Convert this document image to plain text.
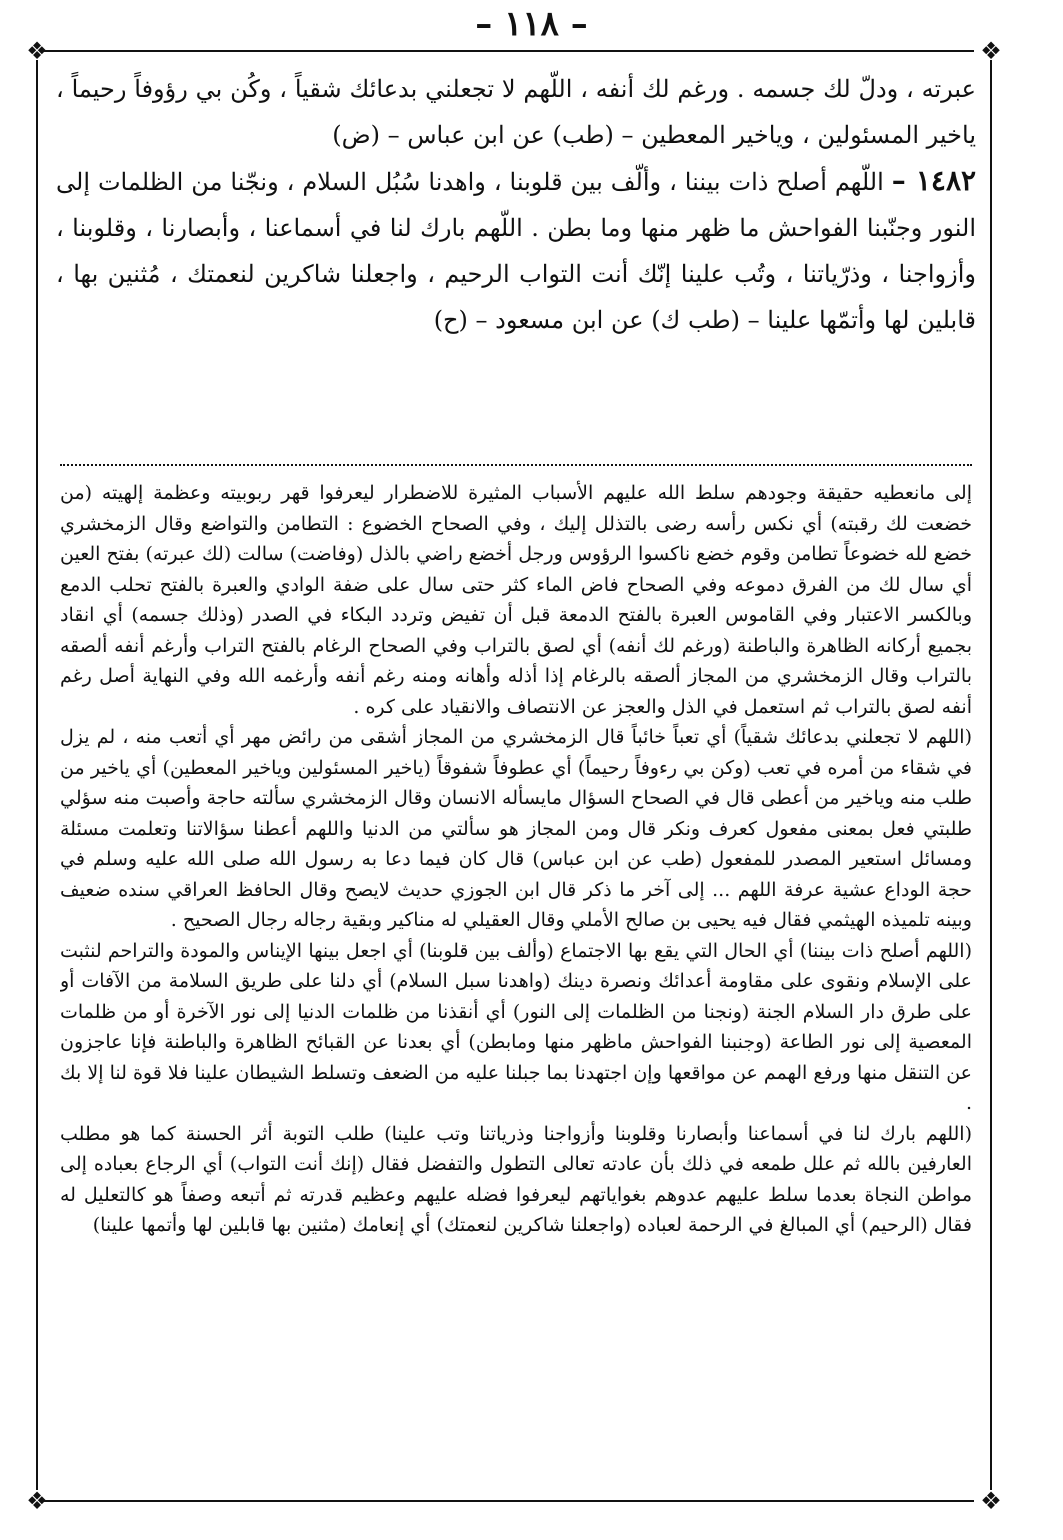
– ١١٨ –
❖	❖
❖	❖

عبرته ، ودلّ لك جسمه . ورغم لك أنفه ، اللّهم لا تجعلني بدعائك شقياً ، وكُن بي رؤوفاً رحيماً ، ياخير المسئولين ، وياخير المعطين – (طب) عن ابن عباس – (ض)

١٤٨٢ – اللّهم أصلح ذات بيننا ، وألّف بين قلوبنا ، واهدنا سُبُل السلام ، ونجّنا من الظلمات إلى النور وجنّبنا الفواحش ما ظهر منها وما بطن . اللّهم بارك لنا في أسماعنا ، وأبصارنا ، وقلوبنا ، وأزواجنا ، وذرّياتنا ، وتُب علينا إنّك أنت التواب الرحيم ، واجعلنا شاكرين لنعمتك ، مُثنين بها ، قابلين لها وأتمّها علينا – (طب ك) عن ابن مسعود – (ح)

إلى مانعطيه حقيقة وجودهم سلط الله عليهم الأسباب المثيرة للاضطرار ليعرفوا قهر ربوبيته وعظمة إلهيته (من خضعت لك رقبته) أي نكس رأسه رضى بالتذلل إليك ، وفي الصحاح الخضوع : التطامن والتواضع وقال الزمخشري خضع لله خضوعاً تطامن وقوم خضع ناكسوا الرؤوس ورجل أخضع راضي بالذل (وفاضت) سالت (لك عبرته) بفتح العين أي سال لك من الفرق دموعه وفي الصحاح فاض الماء كثر حتى سال على ضفة الوادي والعبرة بالفتح تحلب الدمع وبالكسر الاعتبار وفي القاموس العبرة بالفتح الدمعة قبل أن تفيض وتردد البكاء في الصدر (وذلك جسمه) أي انقاد بجميع أركانه الظاهرة والباطنة (ورغم لك أنفه) أي لصق بالتراب وفي الصحاح الرغام بالفتح التراب وأرغم أنفه ألصقه بالتراب وقال الزمخشري من المجاز ألصقه بالرغام إذا أذله وأهانه ومنه رغم أنفه وأرغمه الله وفي النهاية أصل رغم أنفه لصق بالتراب ثم استعمل في الذل والعجز عن الانتصاف والانقياد على كره .

(اللهم لا تجعلني بدعائك شقياً) أي تعباً خائباً قال الزمخشري من المجاز أشقى من رائض مهر أي أتعب منه ، لم يزل في شقاء من أمره في تعب (وكن بي رءوفاً رحيماً) أي عطوفاً شفوقاً (ياخير المسئولين وياخير المعطين) أي ياخير من طلب منه وياخير من أعطى قال في الصحاح السؤال مايسأله الانسان وقال الزمخشري سألته حاجة وأصبت منه سؤلي طلبتي فعل بمعنى مفعول كعرف ونكر قال ومن المجاز هو سألتي من الدنيا واللهم أعطنا سؤالاتنا وتعلمت مسئلة ومسائل استعير المصدر للمفعول (طب عن ابن عباس) قال كان فيما دعا به رسول الله صلى الله عليه وسلم في حجة الوداع عشية عرفة اللهم ... إلى آخر ما ذكر قال ابن الجوزي حديث لايصح وقال الحافظ العراقي سنده ضعيف وبينه تلميذه الهيثمي فقال فيه يحيى بن صالح الأملي وقال العقيلي له مناكير وبقية رجاله رجال الصحيح .

(اللهم أصلح ذات بيننا) أي الحال التي يقع بها الاجتماع (وألف بين قلوبنا) أي اجعل بينها الإيناس والمودة والتراحم لنثبت على الإسلام ونقوى على مقاومة أعدائك ونصرة دينك (واهدنا سبل السلام) أي دلنا على طريق السلامة من الآفات أو على طرق دار السلام الجنة (ونجنا من الظلمات إلى النور) أي أنقذنا من ظلمات الدنيا إلى نور الآخرة أو من ظلمات المعصية إلى نور الطاعة (وجنبنا الفواحش ماظهر منها ومابطن) أي بعدنا عن القبائح الظاهرة والباطنة فإنا عاجزون عن التنقل منها ورفع الهمم عن مواقعها وإن اجتهدنا بما جبلنا عليه من الضعف وتسلط الشيطان علينا فلا قوة لنا إلا بك .

(اللهم بارك لنا في أسماعنا وأبصارنا وقلوبنا وأزواجنا وذرياتنا وتب علينا) طلب التوبة أثر الحسنة كما هو مطلب العارفين بالله ثم علل طمعه في ذلك بأن عادته تعالى التطول والتفضل فقال (إنك أنت التواب) أي الرجاع بعباده إلى مواطن النجاة بعدما سلط عليهم عدوهم بغواياتهم ليعرفوا فضله عليهم وعظيم قدرته ثم أتبعه وصفاً هو كالتعليل له فقال (الرحيم) أي المبالغ في الرحمة لعباده (واجعلنا شاكرين لنعمتك) أي إنعامك (مثنين بها قابلين لها وأتمها علينا)
